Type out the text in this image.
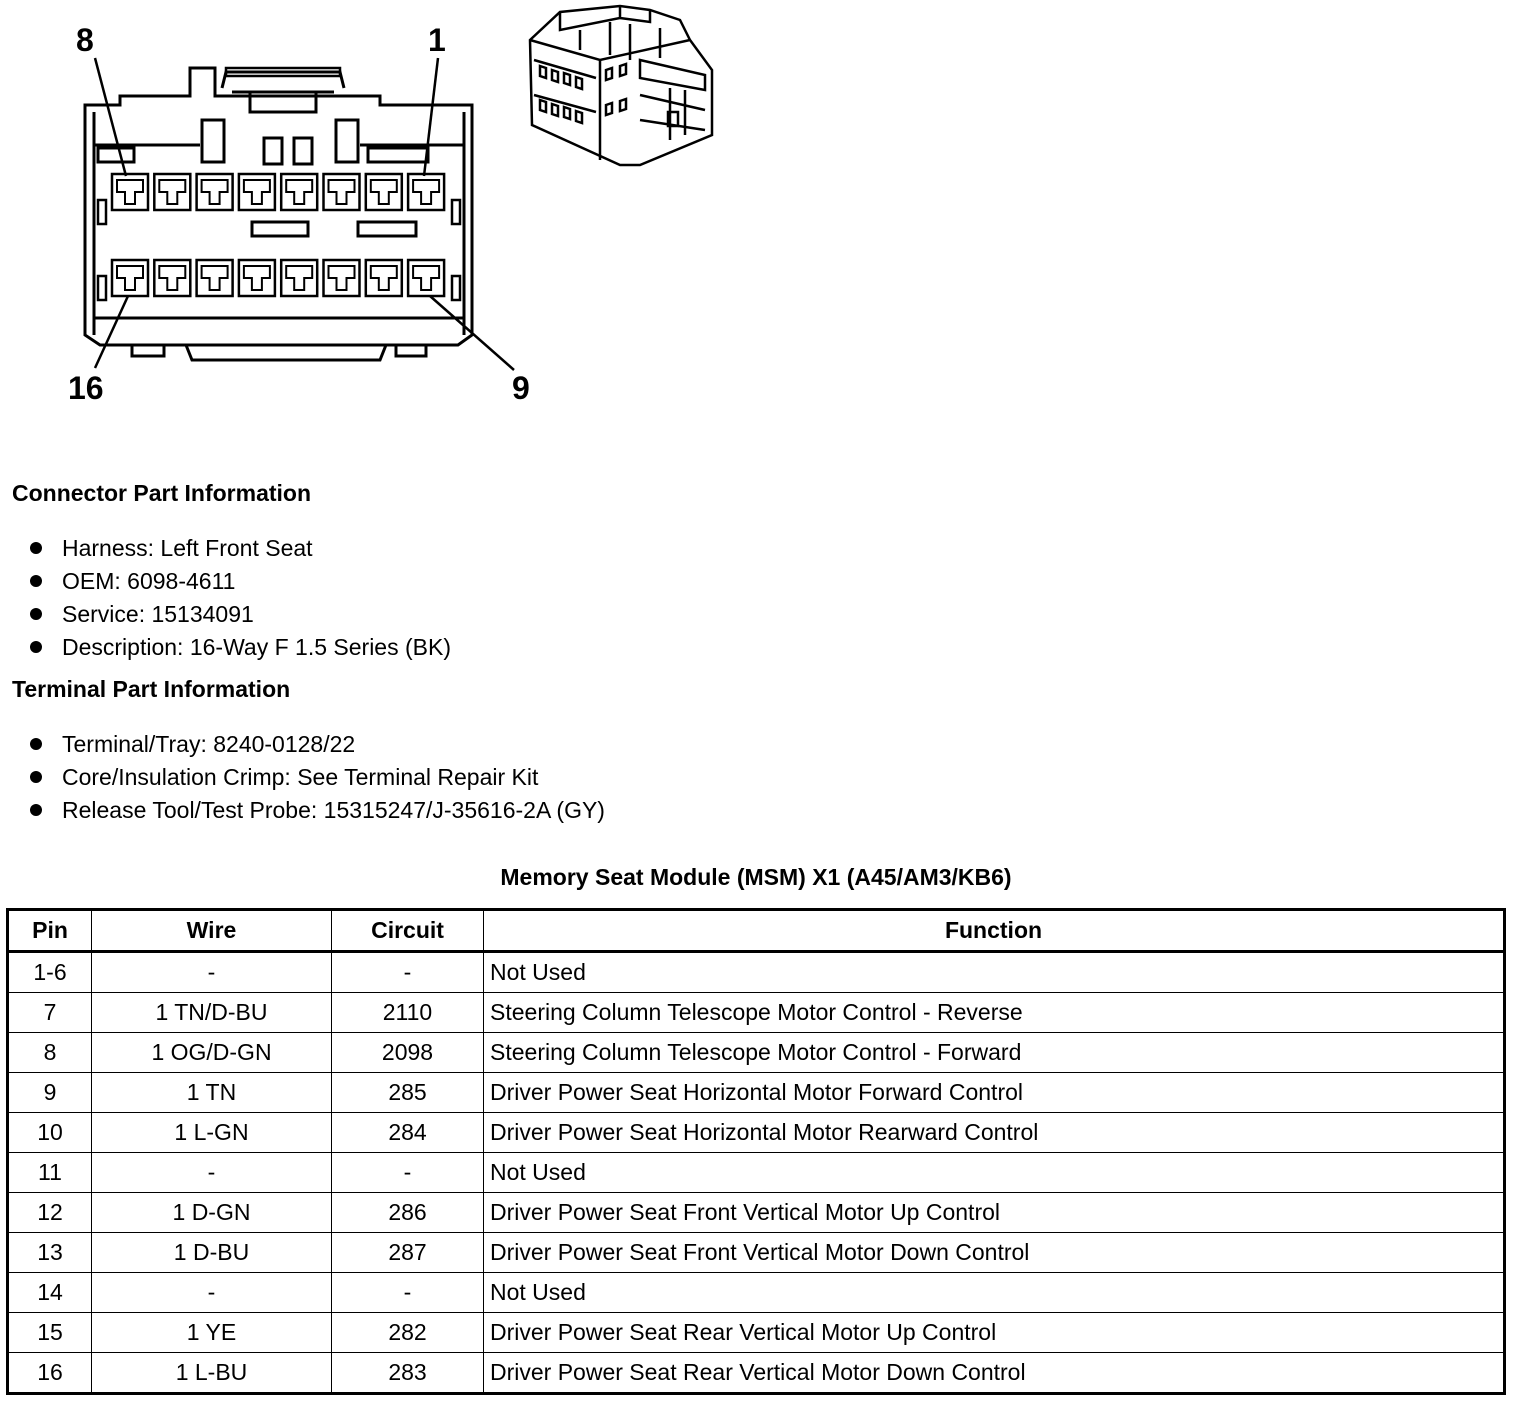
8	1
16	9
Connector Part Information
Harness: Left Front Seat
OEM: 6098-4611
Service: 15134091
Description: 16-Way F 1.5 Series (BK)
Terminal Part Information
Terminal/Tray: 8240-0128/22
Core/Insulation Crimp: See Terminal Repair Kit
Release Tool/Test Probe: 15315247/J-35616-2A (GY)
Memory Seat Module (MSM) X1 (A45/AM3/KB6)
Pin	Wire	Circuit	Function
1-6	-	-	Not Used
7	1 TN/D-BU	2110	Steering Column Telescope Motor Control - Reverse
8	1 OG/D-GN	2098	Steering Column Telescope Motor Control - Forward
9	1 TN	285	Driver Power Seat Horizontal Motor Forward Control
10	1 L-GN	284	Driver Power Seat Horizontal Motor Rearward Control
11	-	-	Not Used
12	1 D-GN	286	Driver Power Seat Front Vertical Motor Up Control
13	1 D-BU	287	Driver Power Seat Front Vertical Motor Down Control
14	-	-	Not Used
15	1 YE	282	Driver Power Seat Rear Vertical Motor Up Control
16	1 L-BU	283	Driver Power Seat Rear Vertical Motor Down Control
